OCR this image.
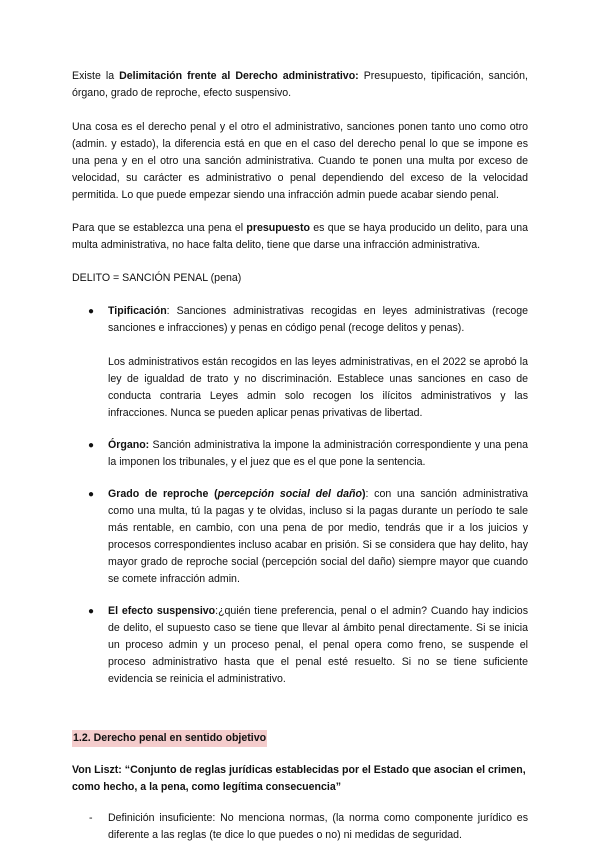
Existe la Delimitación frente al Derecho administrativo: Presupuesto, tipificación, sanción, órgano, grado de reproche, efecto suspensivo.

Una cosa es el derecho penal y el otro el administrativo, sanciones ponen tanto uno como otro (admin. y estado), la diferencia está en que en el caso del derecho penal lo que se impone es una pena y en el otro una sanción administrativa. Cuando te ponen una multa por exceso de velocidad, su carácter es administrativo o penal dependiendo del exceso de la velocidad permitida. Lo que puede empezar siendo una infracción admin puede acabar siendo penal.

Para que se establezca una pena el presupuesto es que se haya producido un delito, para una multa administrativa, no hace falta delito, tiene que darse una infracción administrativa.

DELITO = SANCIÓN PENAL (pena)

● Tipificación: Sanciones administrativas recogidas en leyes administrativas (recoge sanciones e infracciones) y penas en código penal (recoge delitos y penas).

Los administrativos están recogidos en las leyes administrativas, en el 2022 se aprobó la ley de igualdad de trato y no discriminación. Establece unas sanciones en caso de conducta contraria Leyes admin solo recogen los ilícitos administrativos y las infracciones. Nunca se pueden aplicar penas privativas de libertad.

● Órgano: Sanción administrativa la impone la administración correspondiente y una pena la imponen los tribunales, y el juez que es el que pone la sentencia.

● Grado de reproche (percepción social del daño): con una sanción administrativa como una multa, tú la pagas y te olvidas, incluso si la pagas durante un período te sale más rentable, en cambio, con una pena de por medio, tendrás que ir a los juicios y procesos correspondientes incluso acabar en prisión. Si se considera que hay delito, hay mayor grado de reproche social (percepción social del daño) siempre mayor que cuando se comete infracción admin.

● El efecto suspensivo:¿quién tiene preferencia, penal o el admin? Cuando hay indicios de delito, el supuesto caso se tiene que llevar al ámbito penal directamente. Si se inicia un proceso admin y un proceso penal, el penal opera como freno, se suspende el proceso administrativo hasta que el penal esté resuelto. Si no se tiene suficiente evidencia se reinicia el administrativo.

1.2. Derecho penal en sentido objetivo

Von Liszt: “Conjunto de reglas jurídicas establecidas por el Estado que asocian el crimen, como hecho, a la pena, como legítima consecuencia”

- Definición insuficiente: No menciona normas, (la norma como componente jurídico es diferente a las reglas (te dice lo que puedes o no) ni medidas de seguridad.
